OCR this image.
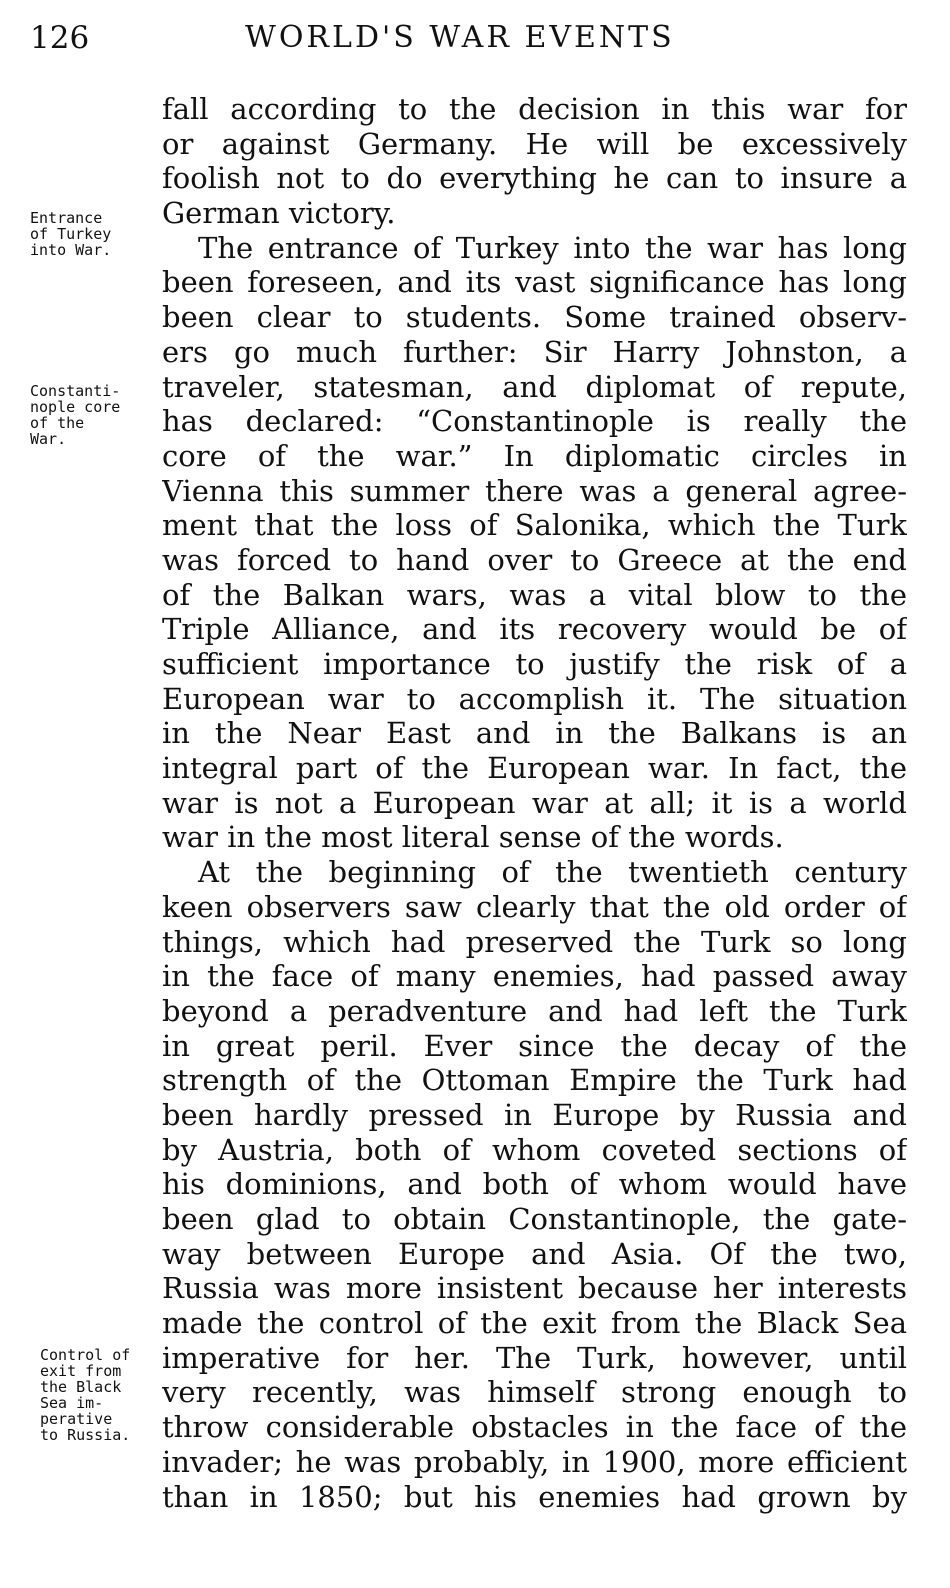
126	WORLD'S WAR EVENTS
Entrance
of Turkey
into War.
Constanti-
nople core
of the
War.
Control of
exit from
the Black
Sea im-
perative
to Russia.
fall according to the decision in this war for
or against Germany. He will be excessively
foolish not to do everything he can to insure a
German victory.
The entrance of Turkey into the war has long
been foreseen, and its vast significance has long
been clear to students. Some trained observ-
ers go much further: Sir Harry Johnston, a
traveler, statesman, and diplomat of repute,
has declared: “Constantinople is really the
core of the war.” In diplomatic circles in
Vienna this summer there was a general agree-
ment that the loss of Salonika, which the Turk
was forced to hand over to Greece at the end
of the Balkan wars, was a vital blow to the
Triple Alliance, and its recovery would be of
sufficient importance to justify the risk of a
European war to accomplish it. The situation
in the Near East and in the Balkans is an
integral part of the European war. In fact, the
war is not a European war at all; it is a world
war in the most literal sense of the words.
At the beginning of the twentieth century
keen observers saw clearly that the old order of
things, which had preserved the Turk so long
in the face of many enemies, had passed away
beyond a peradventure and had left the Turk
in great peril. Ever since the decay of the
strength of the Ottoman Empire the Turk had
been hardly pressed in Europe by Russia and
by Austria, both of whom coveted sections of
his dominions, and both of whom would have
been glad to obtain Constantinople, the gate-
way between Europe and Asia. Of the two,
Russia was more insistent because her interests
made the control of the exit from the Black Sea
imperative for her. The Turk, however, until
very recently, was himself strong enough to
throw considerable obstacles in the face of the
invader; he was probably, in 1900, more efficient
than in 1850; but his enemies had grown by
